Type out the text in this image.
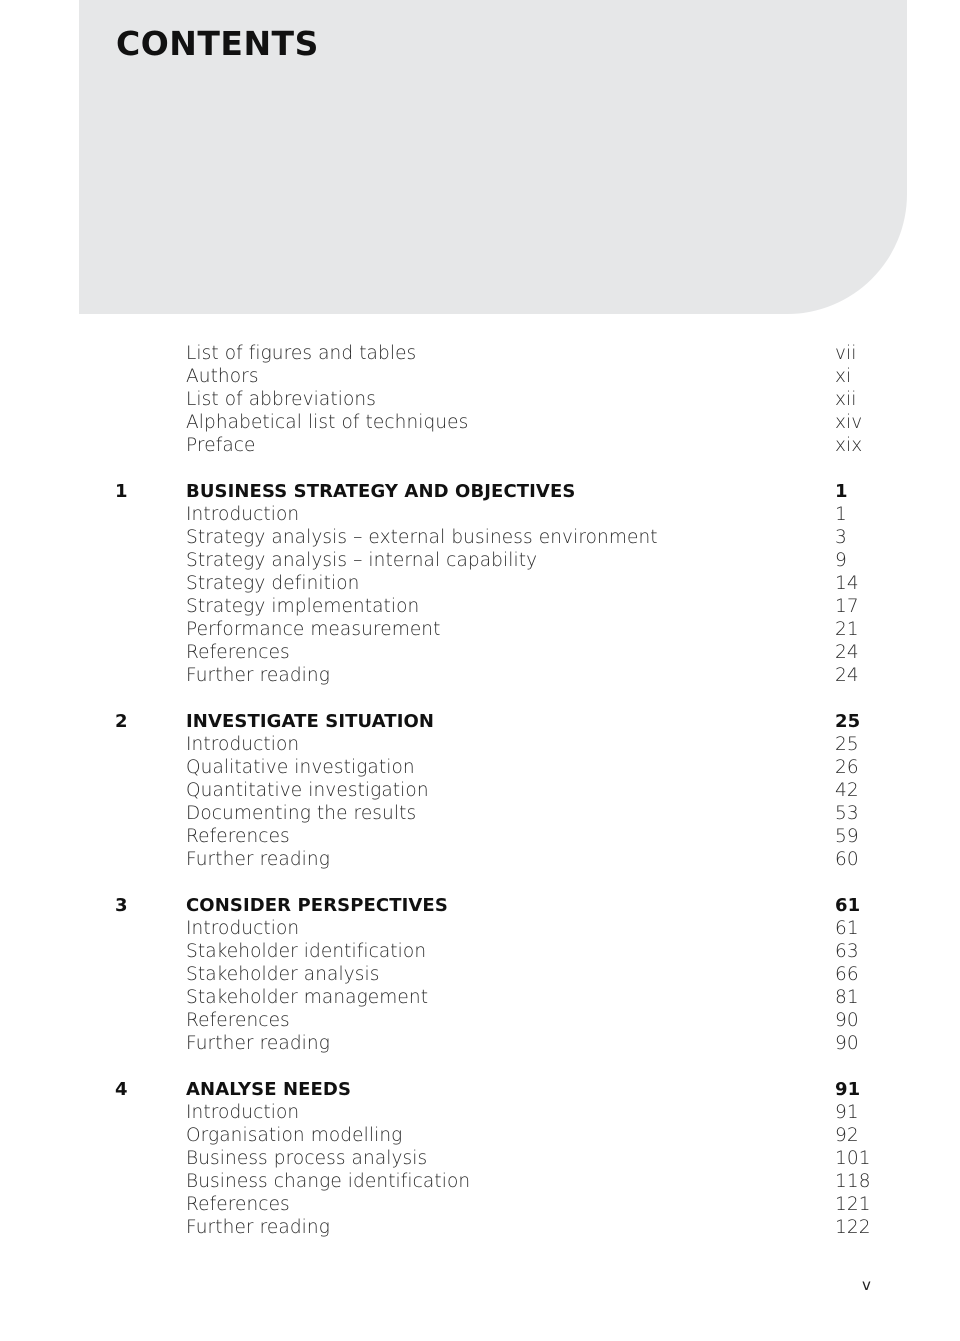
CONTENTS
List of figures and tables	vii
Authors	xi
List of abbreviations	xii
Alphabetical list of techniques	xiv
Preface	xix
1	BUSINESS STRATEGY AND OBJECTIVES	1
Introduction	1
Strategy analysis – external business environment	3
Strategy analysis – internal capability	9
Strategy definition	14
Strategy implementation	17
Performance measurement	21
References	24
Further reading	24
2	INVESTIGATE SITUATION	25
Introduction	25
Qualitative investigation	26
Quantitative investigation	42
Documenting the results	53
References	59
Further reading	60
3	CONSIDER PERSPECTIVES	61
Introduction	61
Stakeholder identification	63
Stakeholder analysis	66
Stakeholder management	81
References	90
Further reading	90
4	ANALYSE NEEDS	91
Introduction	91
Organisation modelling	92
Business process analysis	101
Business change identification	118
References	121
Further reading	122
v
